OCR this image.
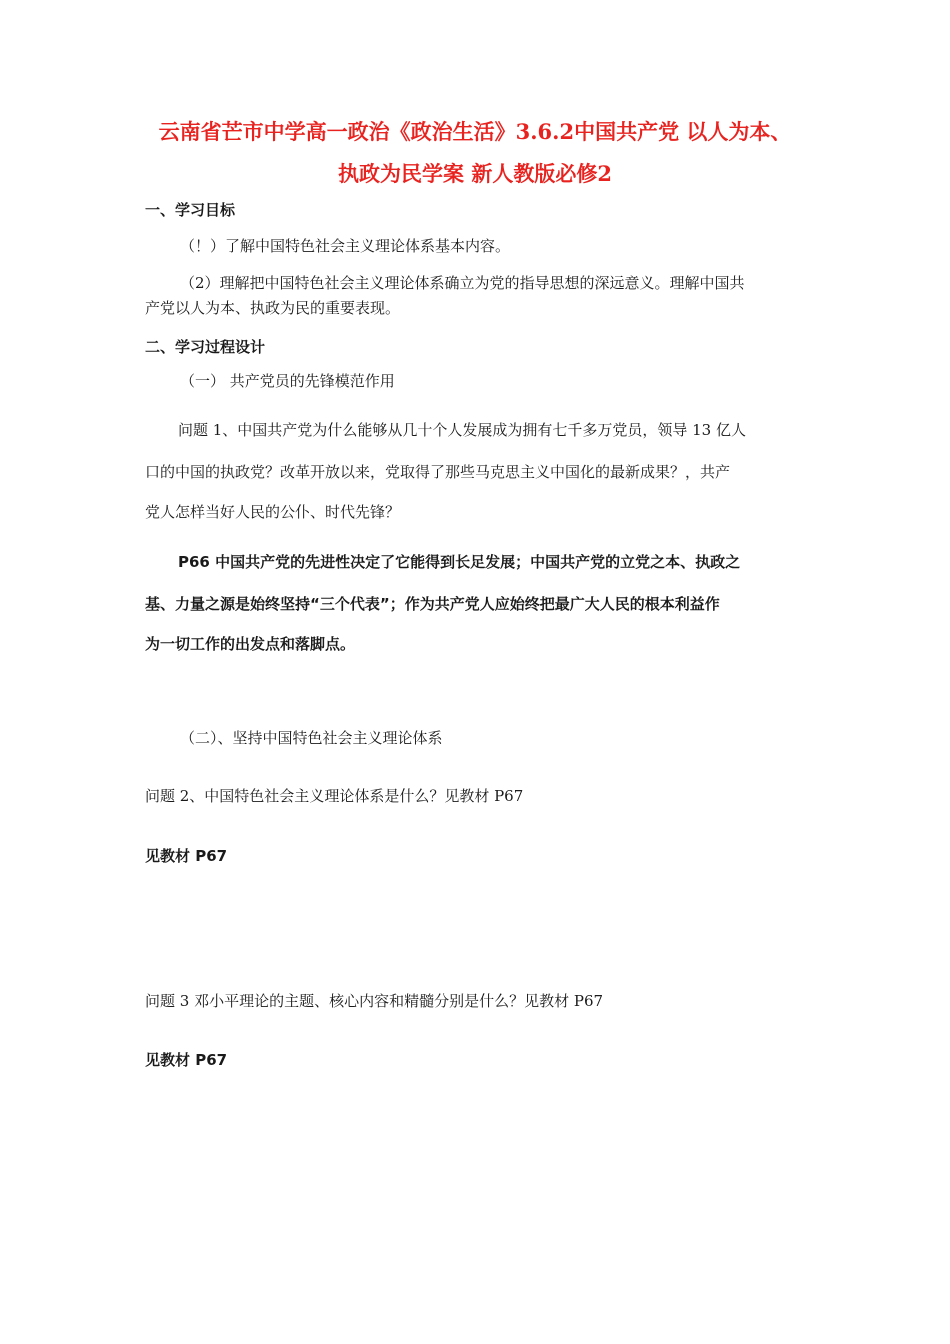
云南省芒市中学高一政治《政治生活》3.6.2中国共产党 以人为本、
执政为民学案 新人教版必修2
一、学习目标
（！）了解中国特色社会主义理论体系基本内容。
（2）理解把中国特色社会主义理论体系确立为党的指导思想的深远意义。理解中国共
产党以人为本、执政为民的重要表现。
二、学习过程设计
（一） 共产党员的先锋模范作用
问题 1、中国共产党为什么能够从几十个人发展成为拥有七千多万党员，领导 13 亿人
口的中国的执政党？改革开放以来，党取得了那些马克思主义中国化的最新成果？，共产
党人怎样当好人民的公仆、时代先锋？
P66 中国共产党的先进性决定了它能得到长足发展；中国共产党的立党之本、执政之
基、力量之源是始终坚持“三个代表”；作为共产党人应始终把最广大人民的根本利益作
为一切工作的出发点和落脚点。
（二）、坚持中国特色社会主义理论体系
问题 2、中国特色社会主义理论体系是什么？见教材 P67
见教材 P67
问题 3 邓小平理论的主题、核心内容和精髓分别是什么？见教材 P67
见教材 P67
